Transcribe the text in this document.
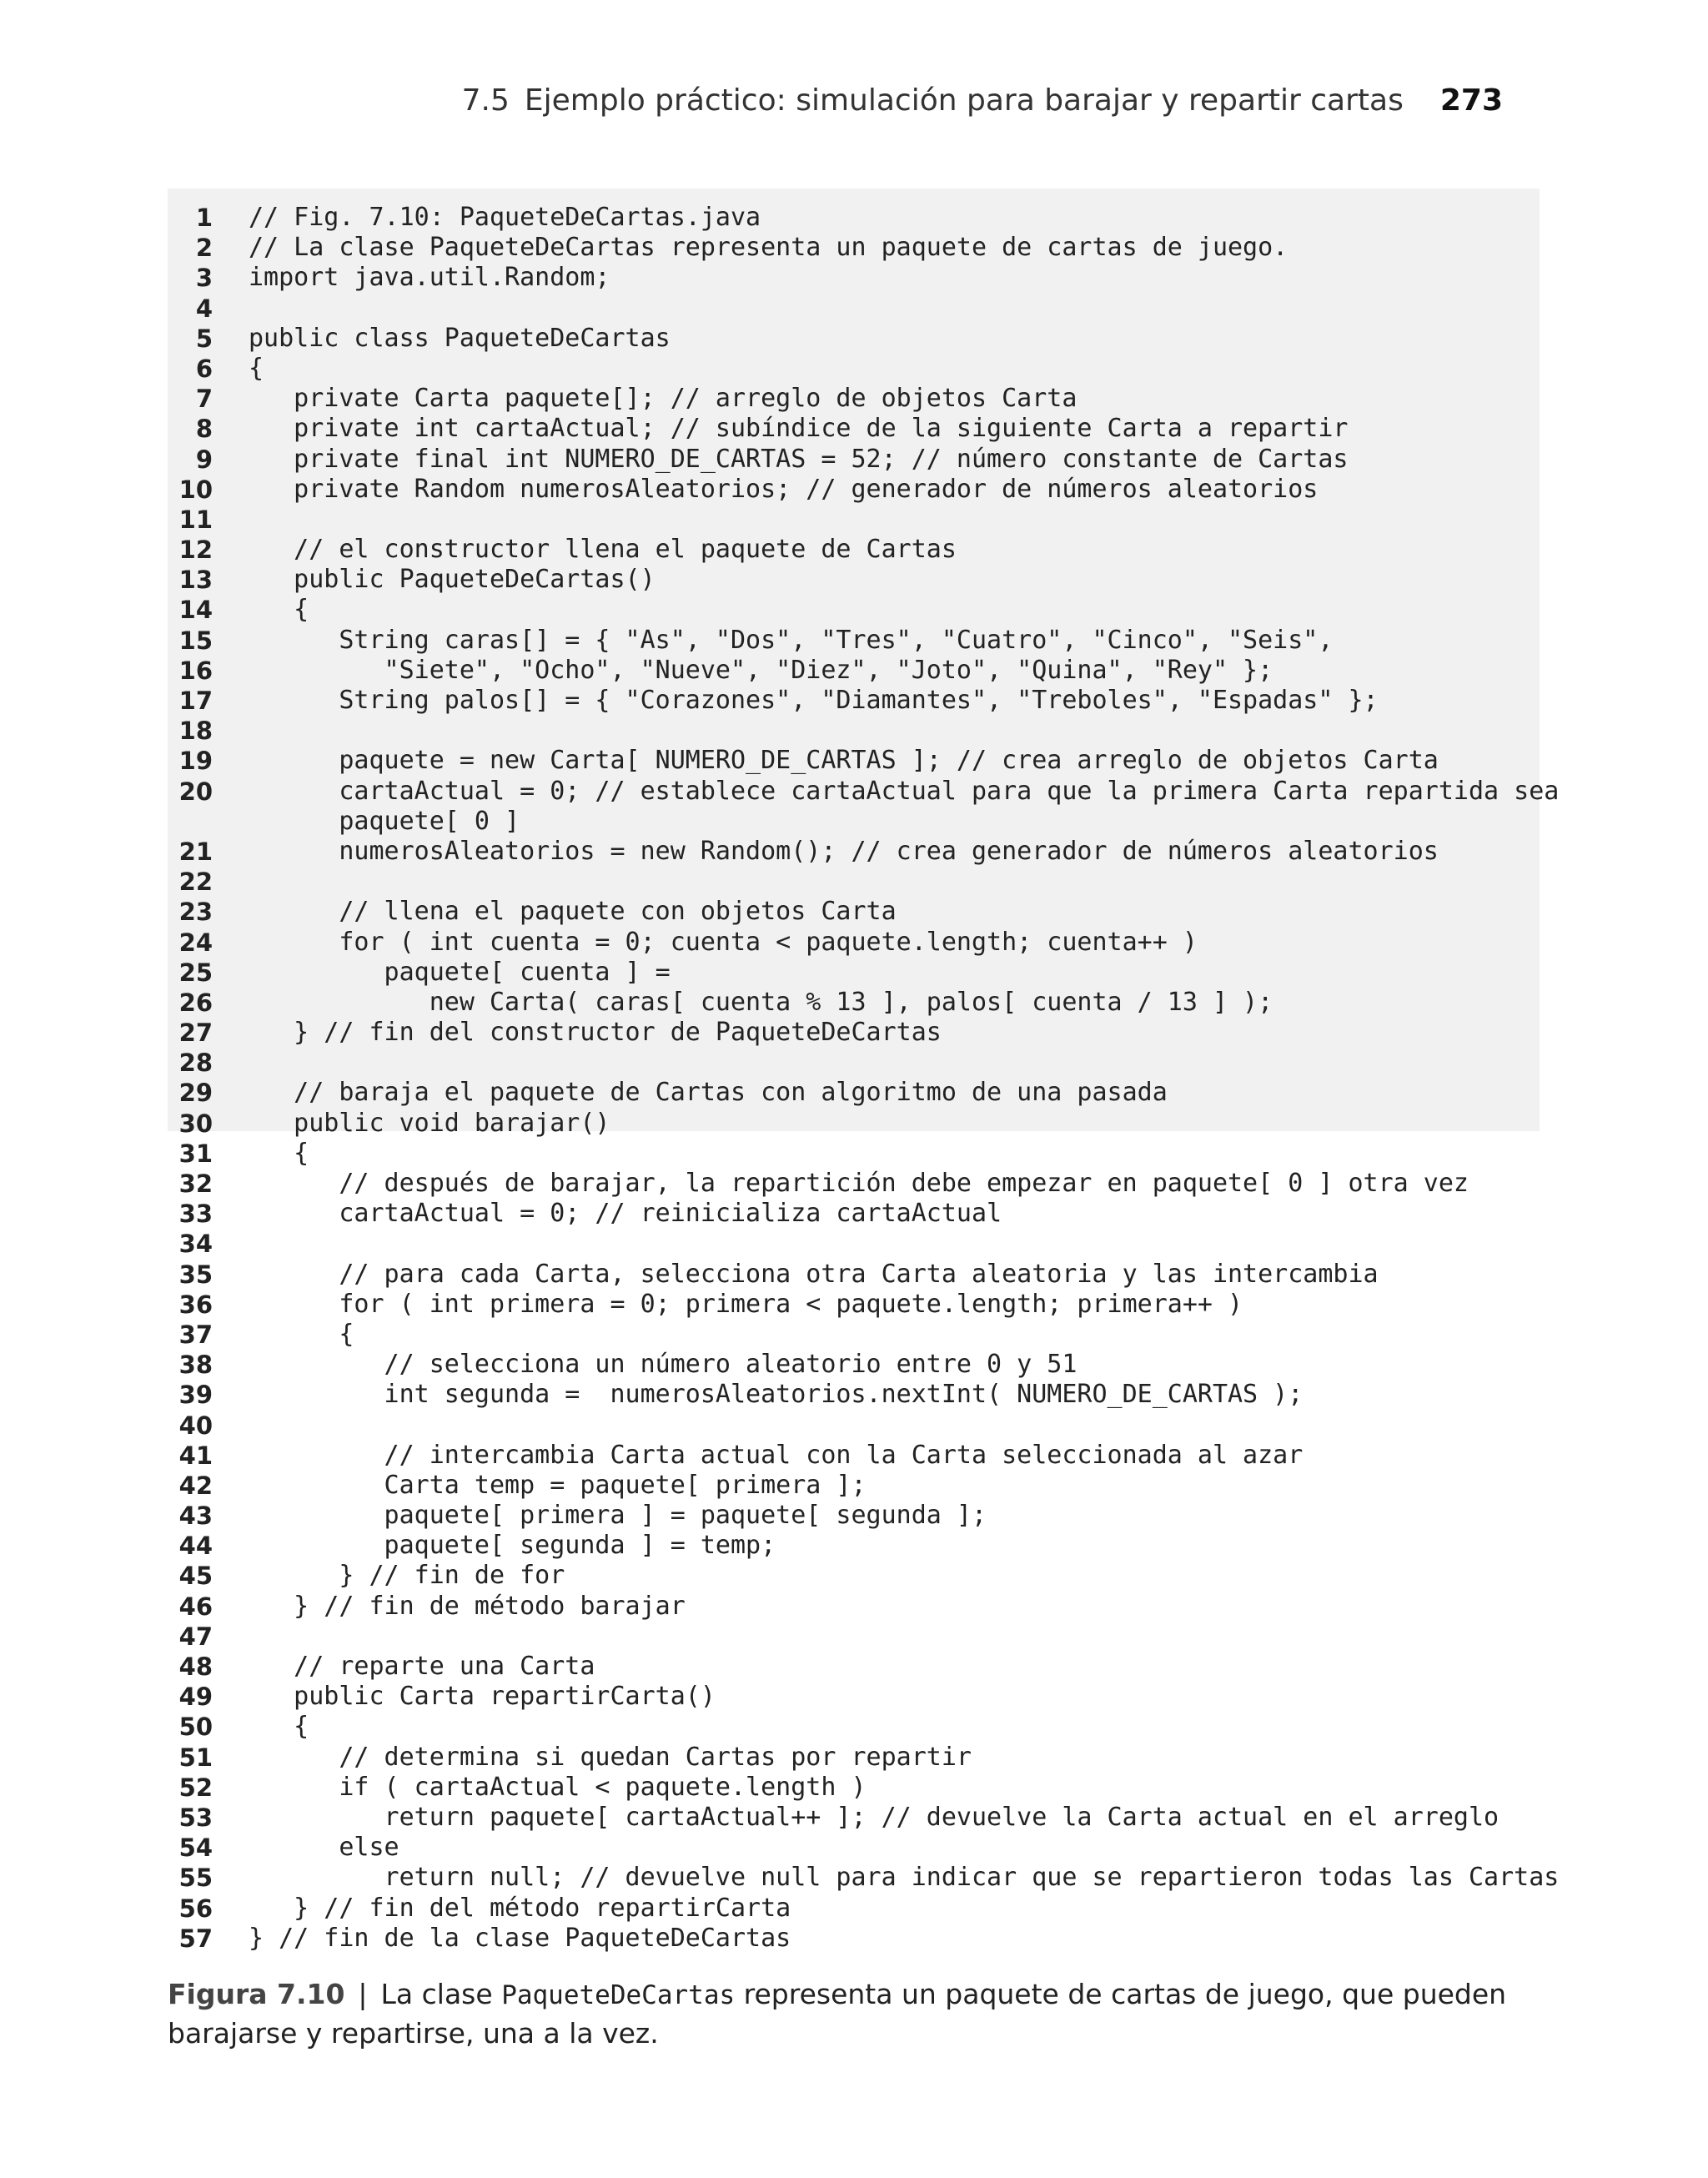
7.5 Ejemplo práctico: simulación para barajar y repartir cartas 273
1 // Fig. 7.10: PaqueteDeCartas.java
2 // La clase PaqueteDeCartas representa un paquete de cartas de juego.
3 import java.util.Random;
4
5 public class PaqueteDeCartas
6 {
7 private Carta paquete[]; // arreglo de objetos Carta
8 private int cartaActual; // subíndice de la siguiente Carta a repartir
9 private final int NUMERO_DE_CARTAS = 52; // número constante de Cartas
10 private Random numerosAleatorios; // generador de números aleatorios
11
12 // el constructor llena el paquete de Cartas
13 public PaqueteDeCartas()
14 {
15 String caras[] = { "As", "Dos", "Tres", "Cuatro", "Cinco", "Seis",
16 "Siete", "Ocho", "Nueve", "Diez", "Joto", "Quina", "Rey" };
17 String palos[] = { "Corazones", "Diamantes", "Treboles", "Espadas" };
18
19 paquete = new Carta[ NUMERO_DE_CARTAS ]; // crea arreglo de objetos Carta
20 cartaActual = 0; // establece cartaActual para que la primera Carta repartida sea
paquete[ 0 ]
21 numerosAleatorios = new Random(); // crea generador de números aleatorios
22
23 // llena el paquete con objetos Carta
24 for ( int cuenta = 0; cuenta < paquete.length; cuenta++ )
25 paquete[ cuenta ] =
26 new Carta( caras[ cuenta % 13 ], palos[ cuenta / 13 ] );
27 } // fin del constructor de PaqueteDeCartas
28
29 // baraja el paquete de Cartas con algoritmo de una pasada
30 public void barajar()
31 {
32 // después de barajar, la repartición debe empezar en paquete[ 0 ] otra vez
33 cartaActual = 0; // reinicializa cartaActual
34
35 // para cada Carta, selecciona otra Carta aleatoria y las intercambia
36 for ( int primera = 0; primera < paquete.length; primera++ )
37 {
38 // selecciona un número aleatorio entre 0 y 51
39 int segunda =  numerosAleatorios.nextInt( NUMERO_DE_CARTAS );
40
41 // intercambia Carta actual con la Carta seleccionada al azar
42 Carta temp = paquete[ primera ];
43 paquete[ primera ] = paquete[ segunda ];
44 paquete[ segunda ] = temp;
45 } // fin de for
46 } // fin de método barajar
47
48 // reparte una Carta
49 public Carta repartirCarta()
50 {
51 // determina si quedan Cartas por repartir
52 if ( cartaActual < paquete.length )
53 return paquete[ cartaActual++ ]; // devuelve la Carta actual en el arreglo
54 else
55 return null; // devuelve null para indicar que se repartieron todas las Cartas
56 } // fin del método repartirCarta
57 } // fin de la clase PaqueteDeCartas
Figura 7.10 | La clase PaqueteDeCartas representa un paquete de cartas de juego, que pueden barajarse y repartirse, una a la vez.
